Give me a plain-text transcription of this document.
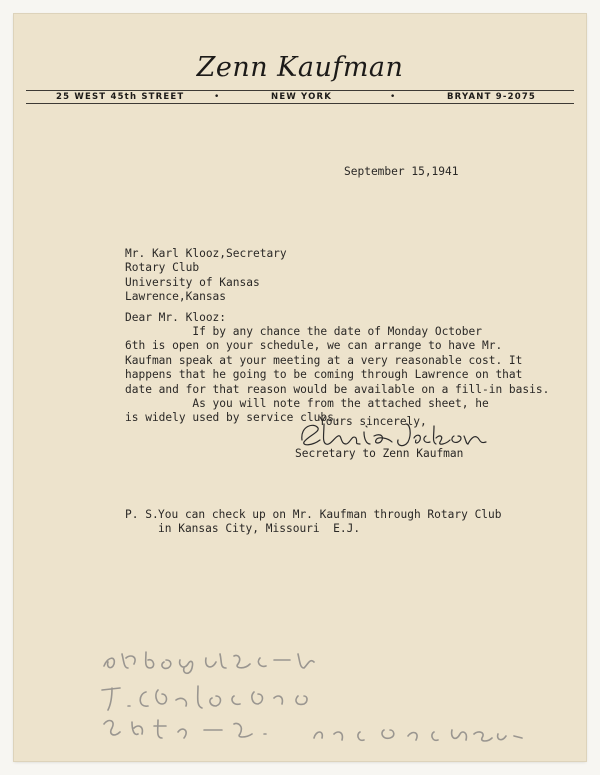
Zenn Kaufman
25 WEST 45th STREET	•	NEW YORK	•	BRYANT 9-2075
September 15,1941
Mr. Karl Klooz,Secretary
Rotary Club
University of Kansas
Lawrence,Kansas
Dear Mr. Klooz:
If by any chance the date of Monday October
6th is open on your schedule, we can arrange to have Mr.
Kaufman speak at your meeting at a very reasonable cost. It
happens that he going to be coming through Lawrence on that
date and for that reason would be available on a fill-in basis.
As you will note from the attached sheet, he
is widely used by service clubs.
Yours sincerely,
Secretary to Zenn Kaufman
P. S. You can check up on Mr. Kaufman through Rotary Club
in Kansas City, Missouri  E.J.
